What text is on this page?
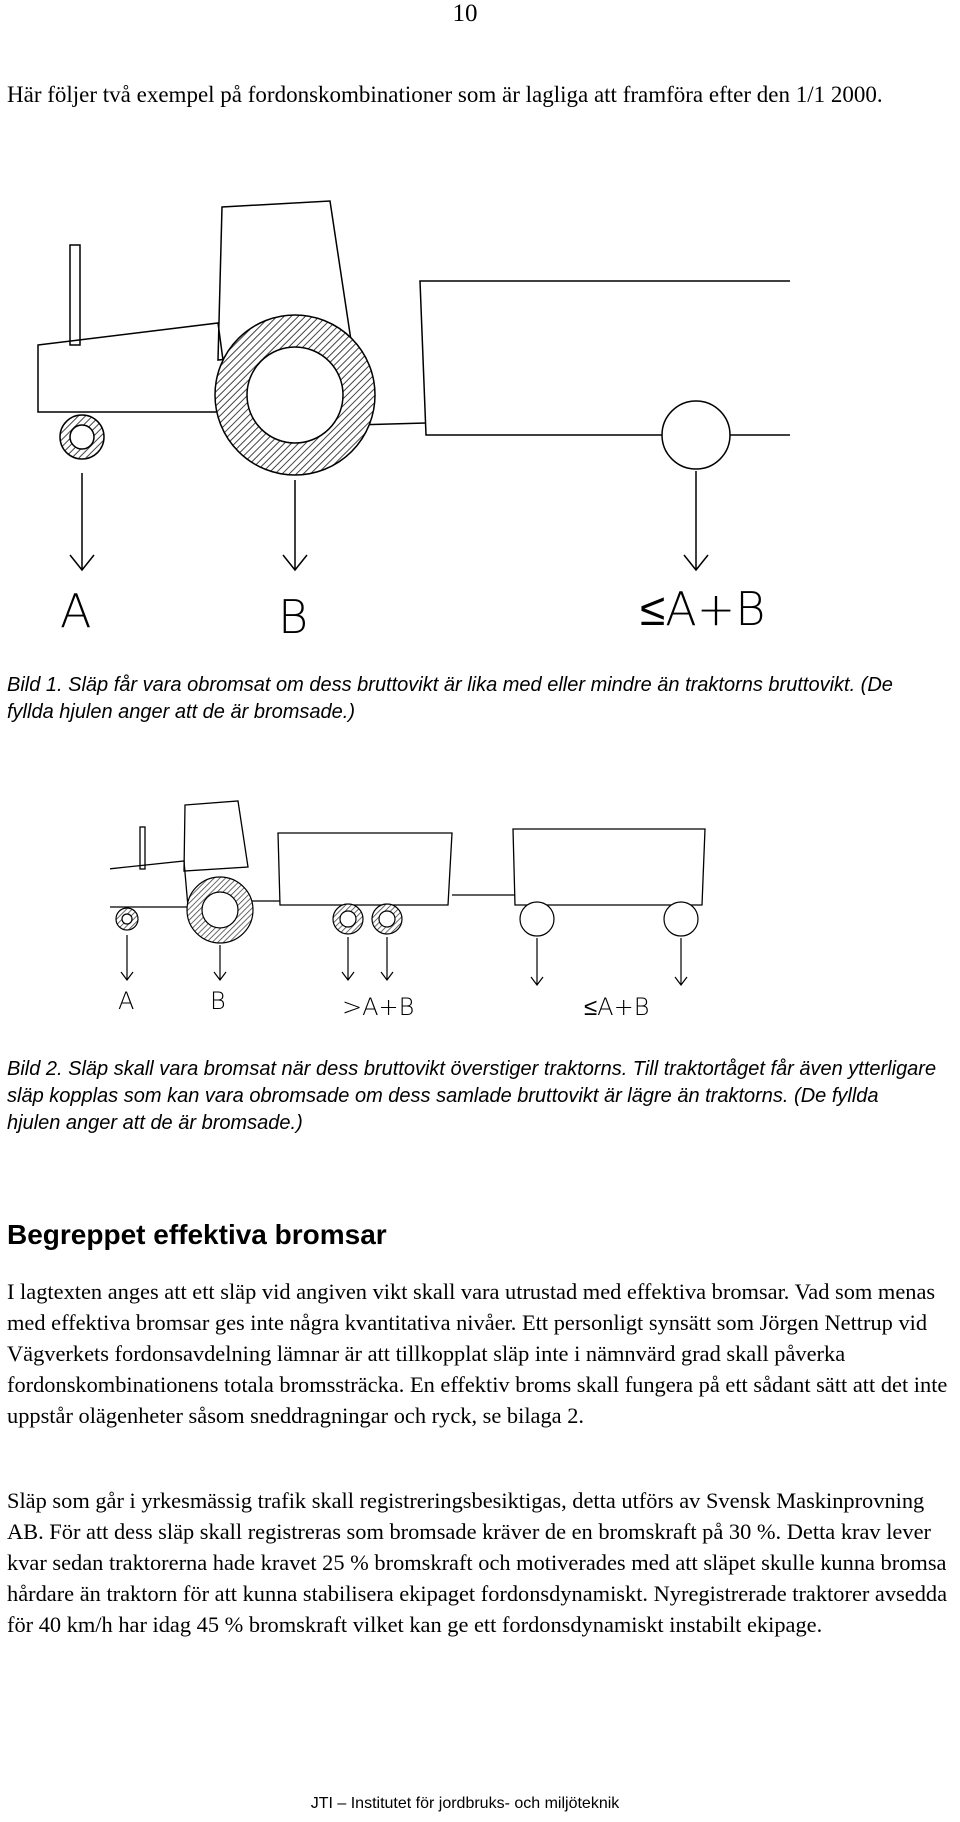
10

Här följer två exempel på fordonskombinationer som är lagliga att framföra efter den 1/1 2000.

A	B	≤A+B

Bild 1. Släp får vara obromsat om dess bruttovikt är lika med eller mindre än traktorns bruttovikt. (De fyllda hjulen anger att de är bromsade.)

A	B	>A+B	≤A+B

Bild 2. Släp skall vara bromsat när dess bruttovikt överstiger traktorns. Till traktortåget får även ytterligare släp kopplas som kan vara obromsade om dess samlade bruttovikt är lägre än traktorns. (De fyllda hjulen anger att de är bromsade.)

Begreppet effektiva bromsar

I lagtexten anges att ett släp vid angiven vikt skall vara utrustad med effektiva bromsar. Vad som menas med effektiva bromsar ges inte några kvantitativa nivåer. Ett personligt synsätt som Jörgen Nettrup vid Vägverkets fordonsavdelning lämnar är att tillkopplat släp inte i nämnvärd grad skall påverka fordonskombinationens totala bromssträcka. En effektiv broms skall fungera på ett sådant sätt att det inte uppstår olägenheter såsom sneddragningar och ryck, se bilaga 2.

Släp som går i yrkesmässig trafik skall registreringsbesiktigas, detta utförs av Svensk Maskinprovning AB. För att dess släp skall registreras som bromsade kräver de en bromskraft på 30 %. Detta krav lever kvar sedan traktorerna hade kravet 25 % bromskraft och motiverades med att släpet skulle kunna bromsa hårdare än traktorn för att kunna stabilisera ekipaget fordonsdynamiskt. Nyregistrerade traktorer avsedda för 40 km/h har idag 45 % bromskraft vilket kan ge ett fordonsdynamiskt instabilt ekipage.

JTI – Institutet för jordbruks- och miljöteknik
